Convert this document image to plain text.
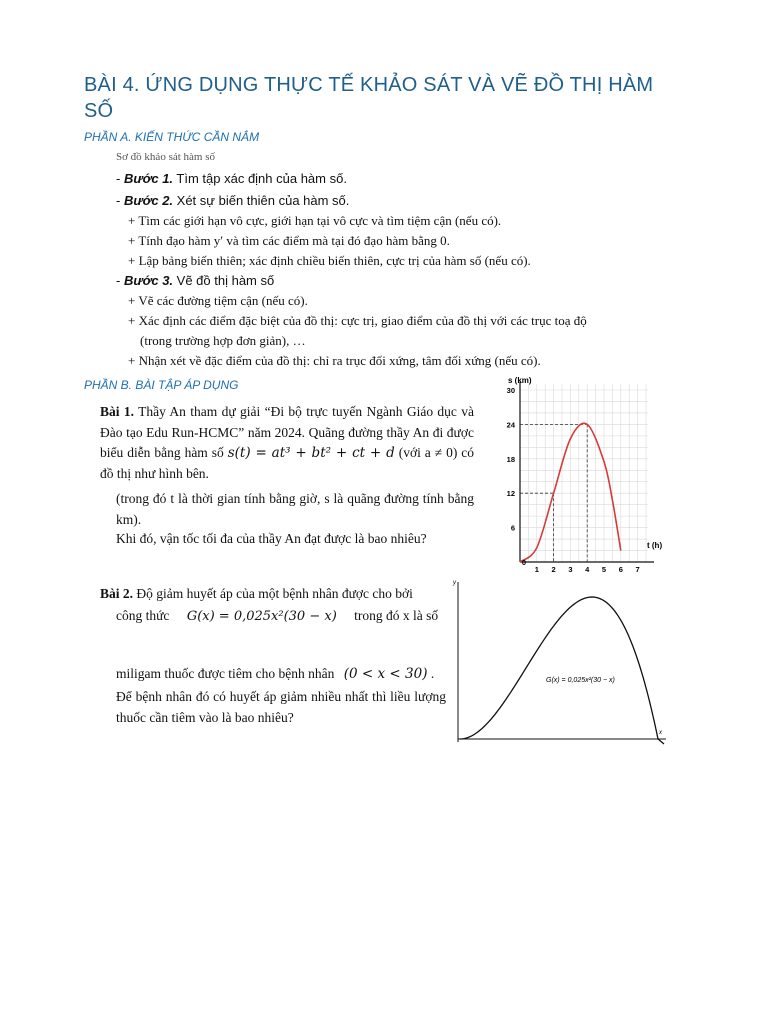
BÀI 4. ỨNG DỤNG THỰC TẾ KHẢO SÁT VÀ VẼ ĐỒ THỊ HÀM SỐ
PHẦN A. KIẾN THỨC CẦN NẮM
Sơ đồ khảo sát hàm số
- Bước 1. Tìm tập xác định của hàm số.
- Bước 2. Xét sự biến thiên của hàm số.
+ Tìm các giới hạn vô cực, giới hạn tại vô cực và tìm tiệm cận (nếu có).
+ Tính đạo hàm y′ và tìm các điểm mà tại đó đạo hàm bằng 0.
+ Lập bảng biến thiên; xác định chiều biến thiên, cực trị của hàm số (nếu có).
- Bước 3. Vẽ đồ thị hàm số
+ Vẽ các đường tiệm cận (nếu có).
+ Xác định các điểm đặc biệt của đồ thị: cực trị, giao điểm của đồ thị với các trục toạ độ
(trong trường hợp đơn giản), …
+ Nhận xét về đặc điểm của đồ thị: chỉ ra trục đối xứng, tâm đối xứng (nếu có).
PHẦN B. BÀI TẬP ÁP DỤNG
Bài 1. Thầy An tham dự giải “Đi bộ trực tuyến Ngành Giáo dục và Đào tạo Edu Run-HCMC” năm 2024. Quãng đường thầy An đi được biểu diễn bằng hàm số s(t) = at³ + bt² + ct + d (với a ≠ 0) có đồ thị như hình bên.
(trong đó t là thời gian tính bằng giờ, s là quãng đường tính bằng km).
Khi đó, vận tốc tối đa của thầy An đạt được là bao nhiêu?
s (km)
t (h)
0
1 2 3 4 5 6 7
6
12
18
24
30
Bài 2. Độ giảm huyết áp của một bệnh nhân được cho bởi
công thức G(x) = 0,025x²(30 − x) trong đó x là số
miligam thuốc được tiêm cho bệnh nhân (0 < x < 30) .
Để bệnh nhân đó có huyết áp giảm nhiều nhất thì liều lượng thuốc cần tiêm vào là bao nhiêu?
y
x
G(x) = 0,025x²(30 − x)
